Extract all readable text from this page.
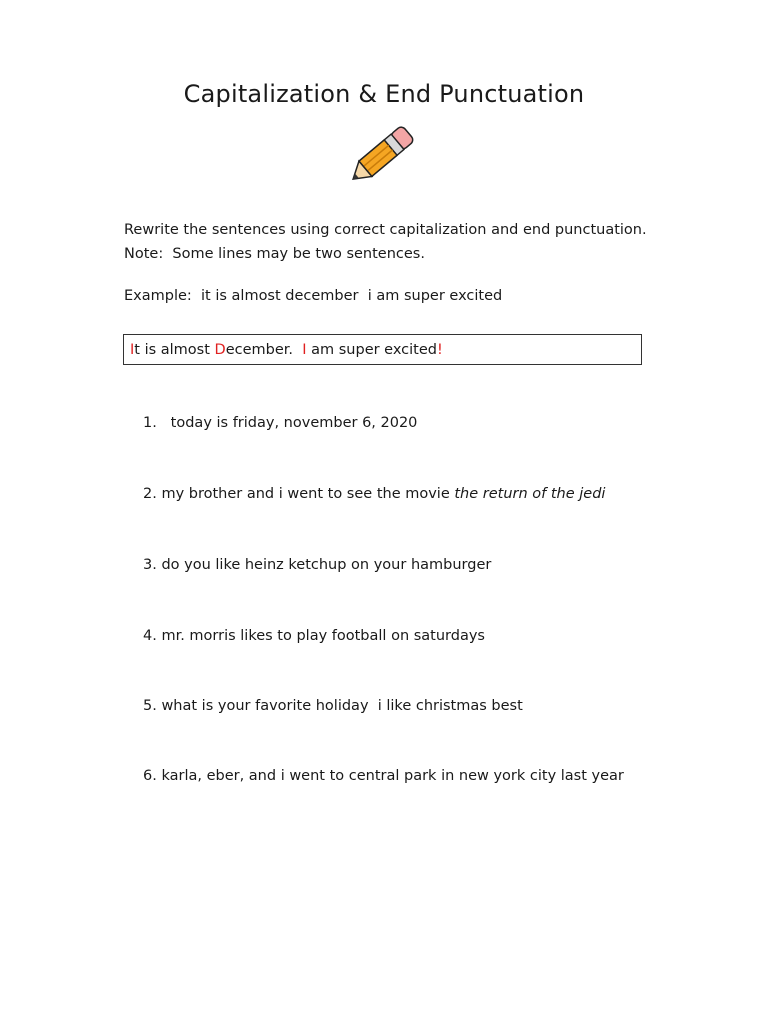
Capitalization & End Punctuation
Rewrite the sentences using correct capitalization and end punctuation.
Note:  Some lines may be two sentences.
Example:  it is almost december  i am super excited
It is almost December.  I am super excited!
1.   today is friday, november 6, 2020
2. my brother and i went to see the movie the return of the jedi
3. do you like heinz ketchup on your hamburger
4. mr. morris likes to play football on saturdays
5. what is your favorite holiday  i like christmas best
6. karla, eber, and i went to central park in new york city last year
